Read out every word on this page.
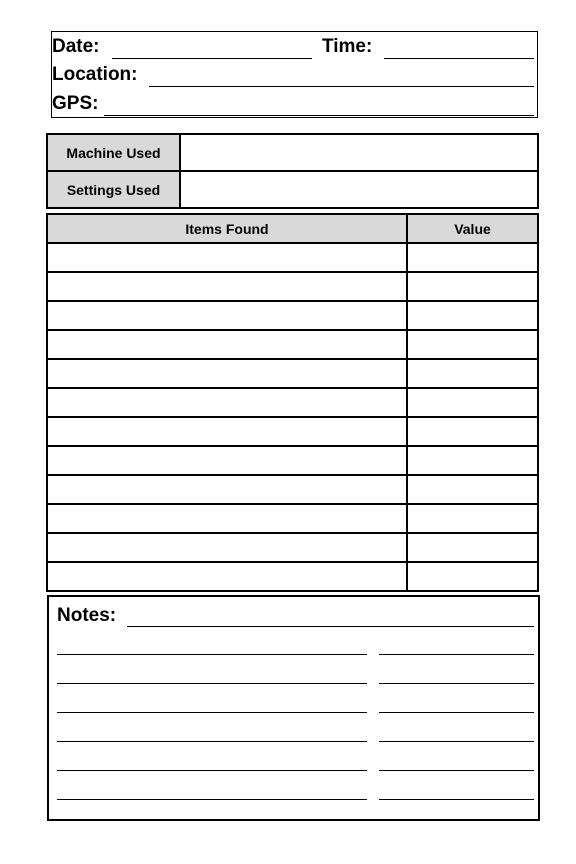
Date:	Time:
Location:
GPS:
Machine Used	
Settings Used	
Items Found	Value

Notes:
